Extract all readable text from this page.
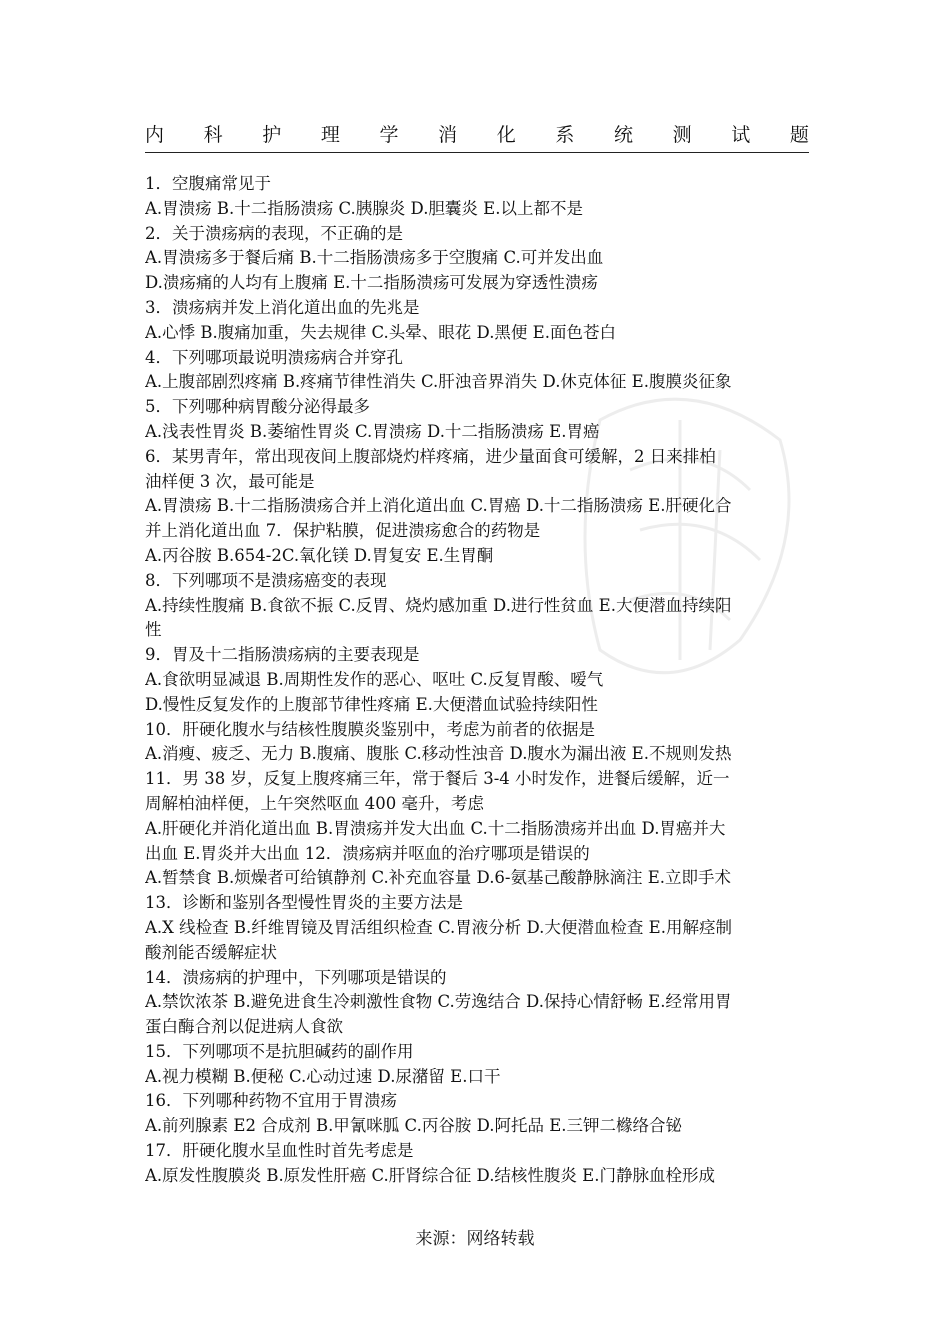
内 科 护 理 学 消 化 系 统 测 试 题
1．空腹痛常见于
A.胃溃疡 B.十二指肠溃疡 C.胰腺炎 D.胆囊炎 E.以上都不是
2．关于溃疡病的表现，不正确的是
A.胃溃疡多于餐后痛 B.十二指肠溃疡多于空腹痛 C.可并发出血
D.溃疡痛的人均有上腹痛 E.十二指肠溃疡可发展为穿透性溃疡
3．溃疡病并发上消化道出血的先兆是
A.心悸 B.腹痛加重，失去规律 C.头晕、眼花 D.黑便 E.面色苍白
4．下列哪项最说明溃疡病合并穿孔
A.上腹部剧烈疼痛 B.疼痛节律性消失 C.肝浊音界消失 D.休克体征 E.腹膜炎征象
5．下列哪种病胃酸分泌得最多
A.浅表性胃炎 B.萎缩性胃炎 C.胃溃疡 D.十二指肠溃疡 E.胃癌
6．某男青年，常出现夜间上腹部烧灼样疼痛，进少量面食可缓解，2 日来排柏
油样便 3 次，最可能是
A.胃溃疡 B.十二指肠溃疡合并上消化道出血 C.胃癌 D.十二指肠溃疡 E.肝硬化合
并上消化道出血 7．保护粘膜，促进溃疡愈合的药物是
A.丙谷胺 B.654-2C.氧化镁 D.胃复安 E.生胃酮
8．下列哪项不是溃疡癌变的表现
A.持续性腹痛 B.食欲不振 C.反胃、烧灼感加重 D.进行性贫血 E.大便潜血持续阳
性
9．胃及十二指肠溃疡病的主要表现是
A.食欲明显减退 B.周期性发作的恶心、呕吐 C.反复胃酸、嗳气
D.慢性反复发作的上腹部节律性疼痛 E.大便潜血试验持续阳性
10．肝硬化腹水与结核性腹膜炎鉴别中，考虑为前者的依据是
A.消瘦、疲乏、无力 B.腹痛、腹胀 C.移动性浊音 D.腹水为漏出液 E.不规则发热
11．男 38 岁，反复上腹疼痛三年，常于餐后 3-4 小时发作，进餐后缓解，近一
周解柏油样便，上午突然呕血 400 毫升，考虑
A.肝硬化并消化道出血 B.胃溃疡并发大出血 C.十二指肠溃疡并出血 D.胃癌并大
出血 E.胃炎并大出血 12．溃疡病并呕血的治疗哪项是错误的
A.暂禁食 B.烦燥者可给镇静剂 C.补充血容量 D.6-氨基己酸静脉滴注 E.立即手术
13．诊断和鉴别各型慢性胃炎的主要方法是
A.X 线检查 B.纤维胃镜及胃活组织检查 C.胃液分析 D.大便潜血检查 E.用解痉制
酸剂能否缓解症状
14．溃疡病的护理中，下列哪项是错误的
A.禁饮浓茶 B.避免进食生冷刺激性食物 C.劳逸结合 D.保持心情舒畅 E.经常用胃
蛋白酶合剂以促进病人食欲
15．下列哪项不是抗胆碱药的副作用
A.视力模糊 B.便秘 C.心动过速 D.尿潴留 E.口干
16．下列哪种药物不宜用于胃溃疡
A.前列腺素 E2 合成剂 B.甲氰咪胍 C.丙谷胺 D.阿托品 E.三钾二橼络合铋
17．肝硬化腹水呈血性时首先考虑是
A.原发性腹膜炎 B.原发性肝癌 C.肝肾综合征 D.结核性腹炎 E.门静脉血栓形成
来源：网络转载
